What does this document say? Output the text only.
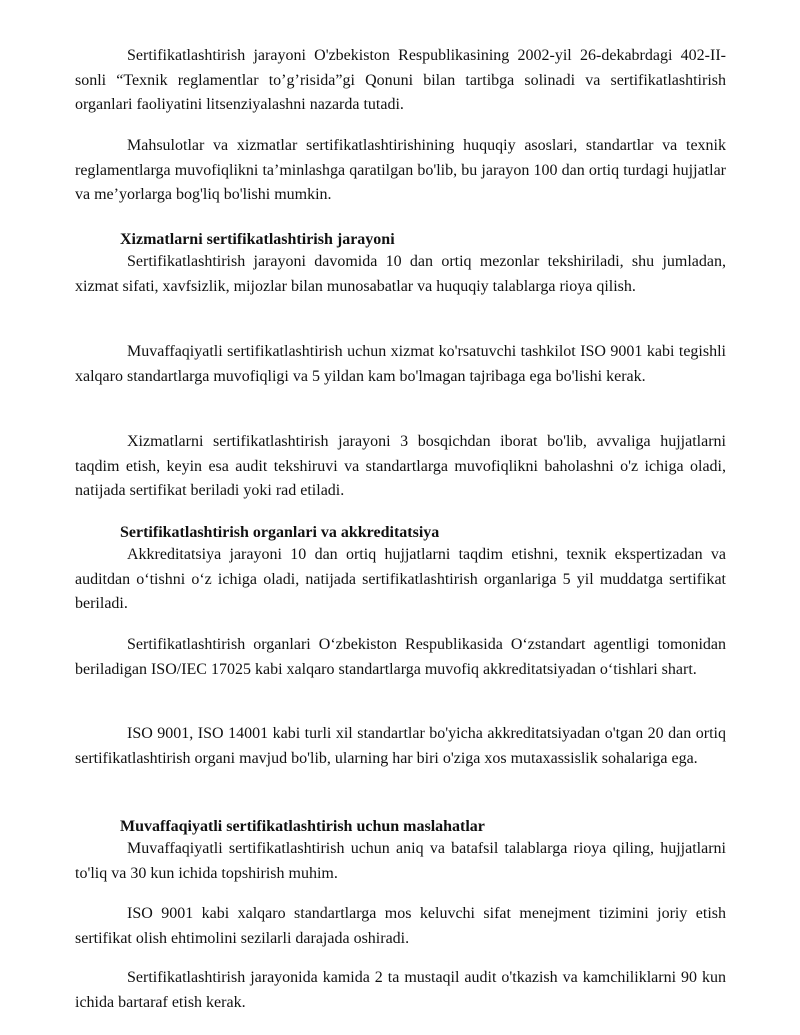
Sertifikatlashtirish jarayoni O'zbekiston Respublikasining 2002-yil 26-dekabrdagi 402-II-sonli “Texnik reglamentlar to’g’risida”gi Qonuni bilan tartibga solinadi va sertifikatlashtirish organlari faoliyatini litsenziyalashni nazarda tutadi.

Mahsulotlar va xizmatlar sertifikatlashtirishining huquqiy asoslari, standartlar va texnik reglamentlarga muvofiqlikni ta’minlashga qaratilgan bo'lib, bu jarayon 100 dan ortiq turdagi hujjatlar va me’yorlarga bog'liq bo'lishi mumkin.

Xizmatlarni sertifikatlashtirish jarayoni

Sertifikatlashtirish jarayoni davomida 10 dan ortiq mezonlar tekshiriladi, shu jumladan, xizmat sifati, xavfsizlik, mijozlar bilan munosabatlar va huquqiy talablarga rioya qilish.

Muvaffaqiyatli sertifikatlashtirish uchun xizmat ko'rsatuvchi tashkilot ISO 9001 kabi tegishli xalqaro standartlarga muvofiqligi va 5 yildan kam bo'lmagan tajribaga ega bo'lishi kerak.

Xizmatlarni sertifikatlashtirish jarayoni 3 bosqichdan iborat bo'lib, avvaliga hujjatlarni taqdim etish, keyin esa audit tekshiruvi va standartlarga muvofiqlikni baholashni o'z ichiga oladi, natijada sertifikat beriladi yoki rad etiladi.

Sertifikatlashtirish organlari va akkreditatsiya

Akkreditatsiya jarayoni 10 dan ortiq hujjatlarni taqdim etishni, texnik ekspertizadan va auditdan o‘tishni o‘z ichiga oladi, natijada sertifikatlashtirish organlariga 5 yil muddatga sertifikat beriladi.

Sertifikatlashtirish organlari O‘zbekiston Respublikasida O‘zstandart agentligi tomonidan beriladigan ISO/IEC 17025 kabi xalqaro standartlarga muvofiq akkreditatsiyadan o‘tishlari shart.

ISO 9001, ISO 14001 kabi turli xil standartlar bo'yicha akkreditatsiyadan o'tgan 20 dan ortiq sertifikatlashtirish organi mavjud bo'lib, ularning har biri o'ziga xos mutaxassislik sohalariga ega.

Muvaffaqiyatli sertifikatlashtirish uchun maslahatlar

Muvaffaqiyatli sertifikatlashtirish uchun aniq va batafsil talablarga rioya qiling, hujjatlarni to'liq va 30 kun ichida topshirish muhim.

ISO 9001 kabi xalqaro standartlarga mos keluvchi sifat menejment tizimini joriy etish sertifikat olish ehtimolini sezilarli darajada oshiradi.

Sertifikatlashtirish jarayonida kamida 2 ta mustaqil audit o'tkazish va kamchiliklarni 90 kun ichida bartaraf etish kerak.
